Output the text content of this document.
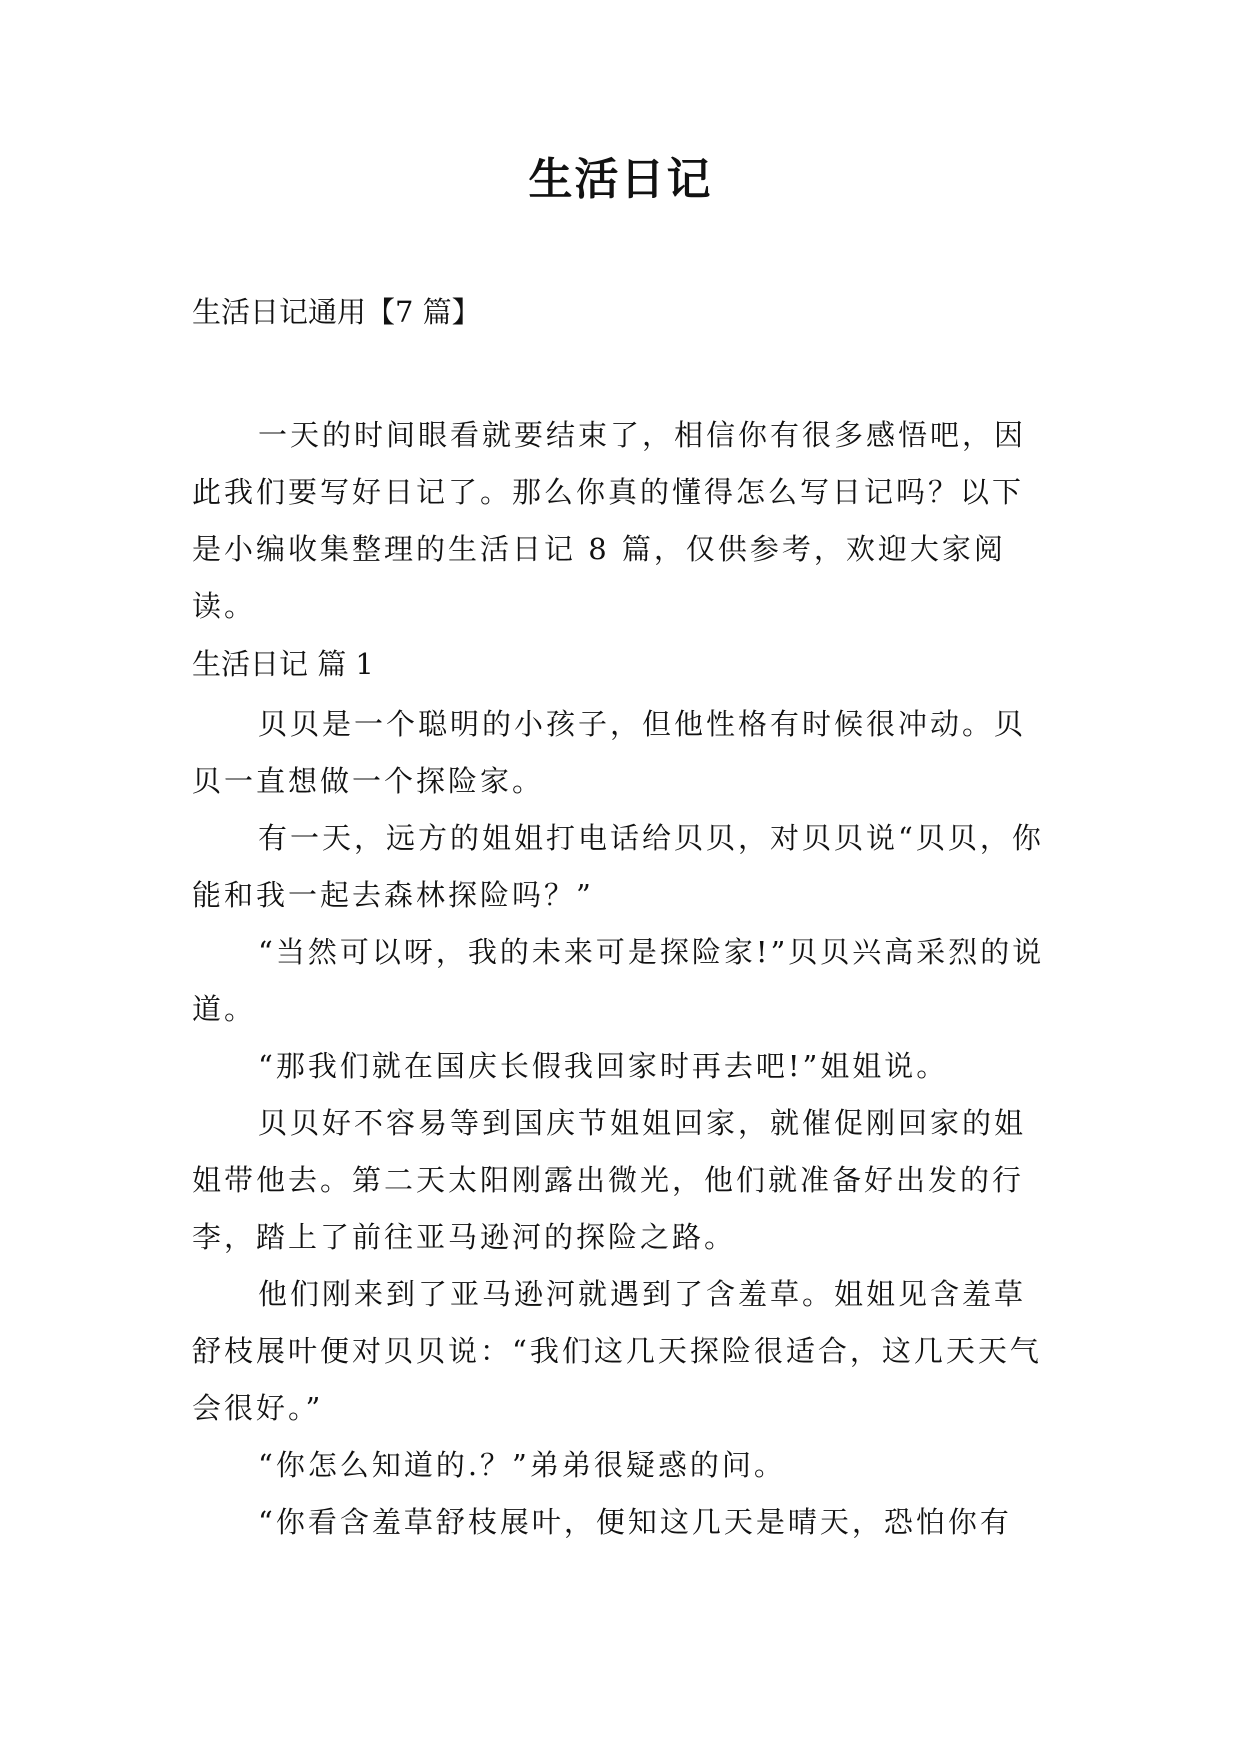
生活日记
生活日记通用【7 篇】

一天的时间眼看就要结束了，相信你有很多感悟吧，因此我们要写好日记了。那么你真的懂得怎么写日记吗？以下是小编收集整理的生活日记 8 篇，仅供参考，欢迎大家阅读。

生活日记 篇 1

贝贝是一个聪明的小孩子，但他性格有时候很冲动。贝贝一直想做一个探险家。

有一天，远方的姐姐打电话给贝贝，对贝贝说“贝贝，你能和我一起去森林探险吗？”

“当然可以呀，我的未来可是探险家!”贝贝兴高采烈的说道。

“那我们就在国庆长假我回家时再去吧!”姐姐说。

贝贝好不容易等到国庆节姐姐回家，就催促刚回家的姐姐带他去。第二天太阳刚露出微光，他们就准备好出发的行李，踏上了前往亚马逊河的探险之路。

他们刚来到了亚马逊河就遇到了含羞草。姐姐见含羞草舒枝展叶便对贝贝说：“我们这几天探险很适合，这几天天气会很好。”

“你怎么知道的.？”弟弟很疑惑的问。

“你看含羞草舒枝展叶，便知这几天是晴天，恐怕你有
